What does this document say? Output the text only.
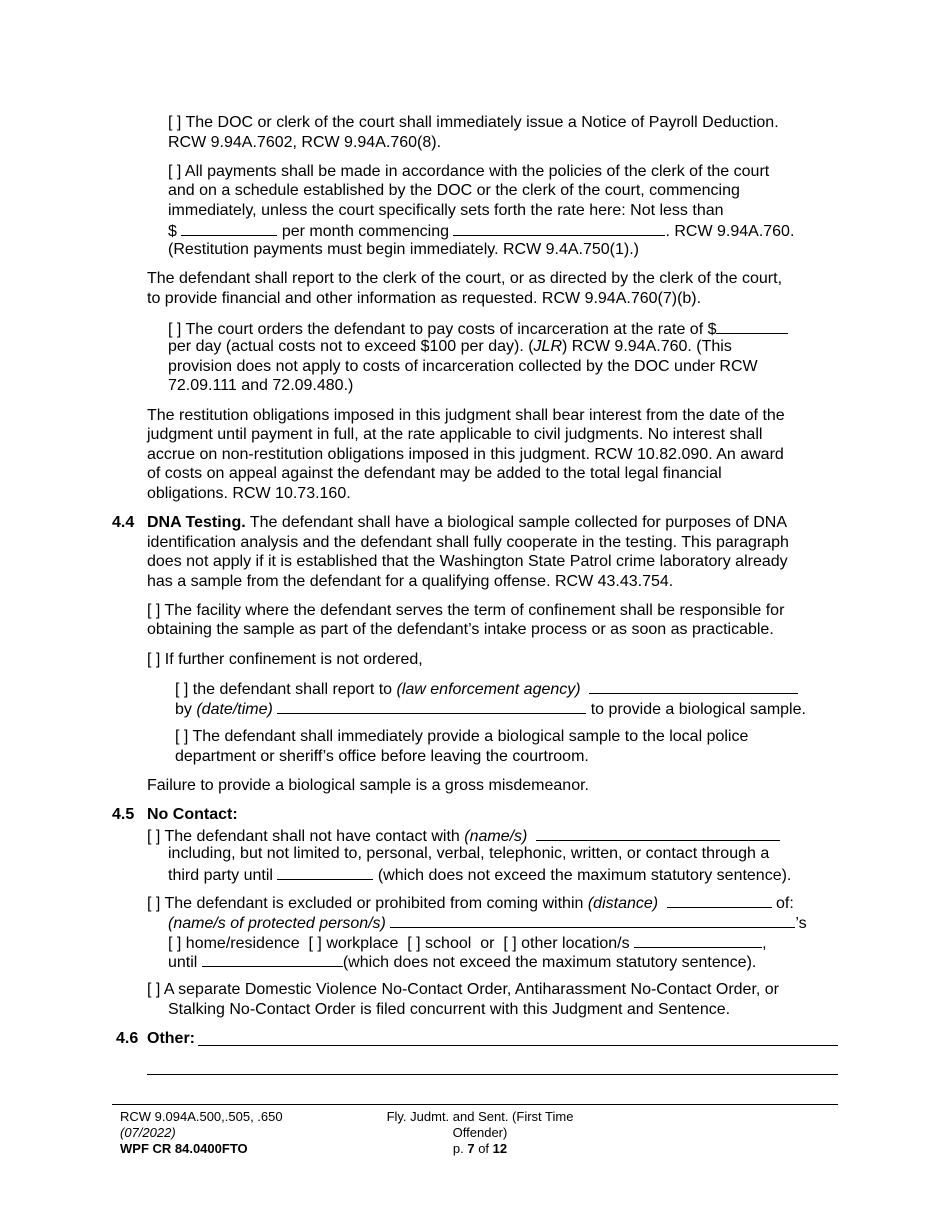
[ ] The DOC or clerk of the court shall immediately issue a Notice of Payroll Deduction.
RCW 9.94A.7602, RCW 9.94A.760(8).
[ ] All payments shall be made in accordance with the policies of the clerk of the court
and on a schedule established by the DOC or the clerk of the court, commencing
immediately, unless the court specifically sets forth the rate here: Not less than
$	per month commencing	. RCW 9.94A.760.
(Restitution payments must begin immediately. RCW 9.4A.750(1).)
The defendant shall report to the clerk of the court, or as directed by the clerk of the court,
to provide financial and other information as requested. RCW 9.94A.760(7)(b).
[ ] The court orders the defendant to pay costs of incarceration at the rate of $
per day (actual costs not to exceed $100 per day). (JLR) RCW 9.94A.760. (This
provision does not apply to costs of incarceration collected by the DOC under RCW
72.09.111 and 72.09.480.)
The restitution obligations imposed in this judgment shall bear interest from the date of the
judgment until payment in full, at the rate applicable to civil judgments. No interest shall
accrue on non-restitution obligations imposed in this judgment. RCW 10.82.090. An award
of costs on appeal against the defendant may be added to the total legal financial
obligations. RCW 10.73.160.
4.4 DNA Testing. The defendant shall have a biological sample collected for purposes of DNA
identification analysis and the defendant shall fully cooperate in the testing. This paragraph
does not apply if it is established that the Washington State Patrol crime laboratory already
has a sample from the defendant for a qualifying offense. RCW 43.43.754.
[ ] The facility where the defendant serves the term of confinement shall be responsible for
obtaining the sample as part of the defendant’s intake process or as soon as practicable.
[ ] If further confinement is not ordered,
[ ] the defendant shall report to (law enforcement agency)
by (date/time)	to provide a biological sample.
[ ] The defendant shall immediately provide a biological sample to the local police
department or sheriff’s office before leaving the courtroom.
Failure to provide a biological sample is a gross misdemeanor.
4.5 No Contact:
[ ] The defendant shall not have contact with (name/s)
including, but not limited to, personal, verbal, telephonic, written, or contact through a
third party until	(which does not exceed the maximum statutory sentence).
[ ] The defendant is excluded or prohibited from coming within (distance)	of:
(name/s of protected person/s)	’s
[ ] home/residence [ ] workplace [ ] school or [ ] other location/s	,
until	(which does not exceed the maximum statutory sentence).
[ ] A separate Domestic Violence No-Contact Order, Antiharassment No-Contact Order, or
Stalking No-Contact Order is filed concurrent with this Judgment and Sentence.
4.6 Other:
RCW 9.094A.500,.505, .650
(07/2022)
WPF CR 84.0400FTO
Fly. Judmt. and Sent. (First Time
Offender)
p. 7 of 12
